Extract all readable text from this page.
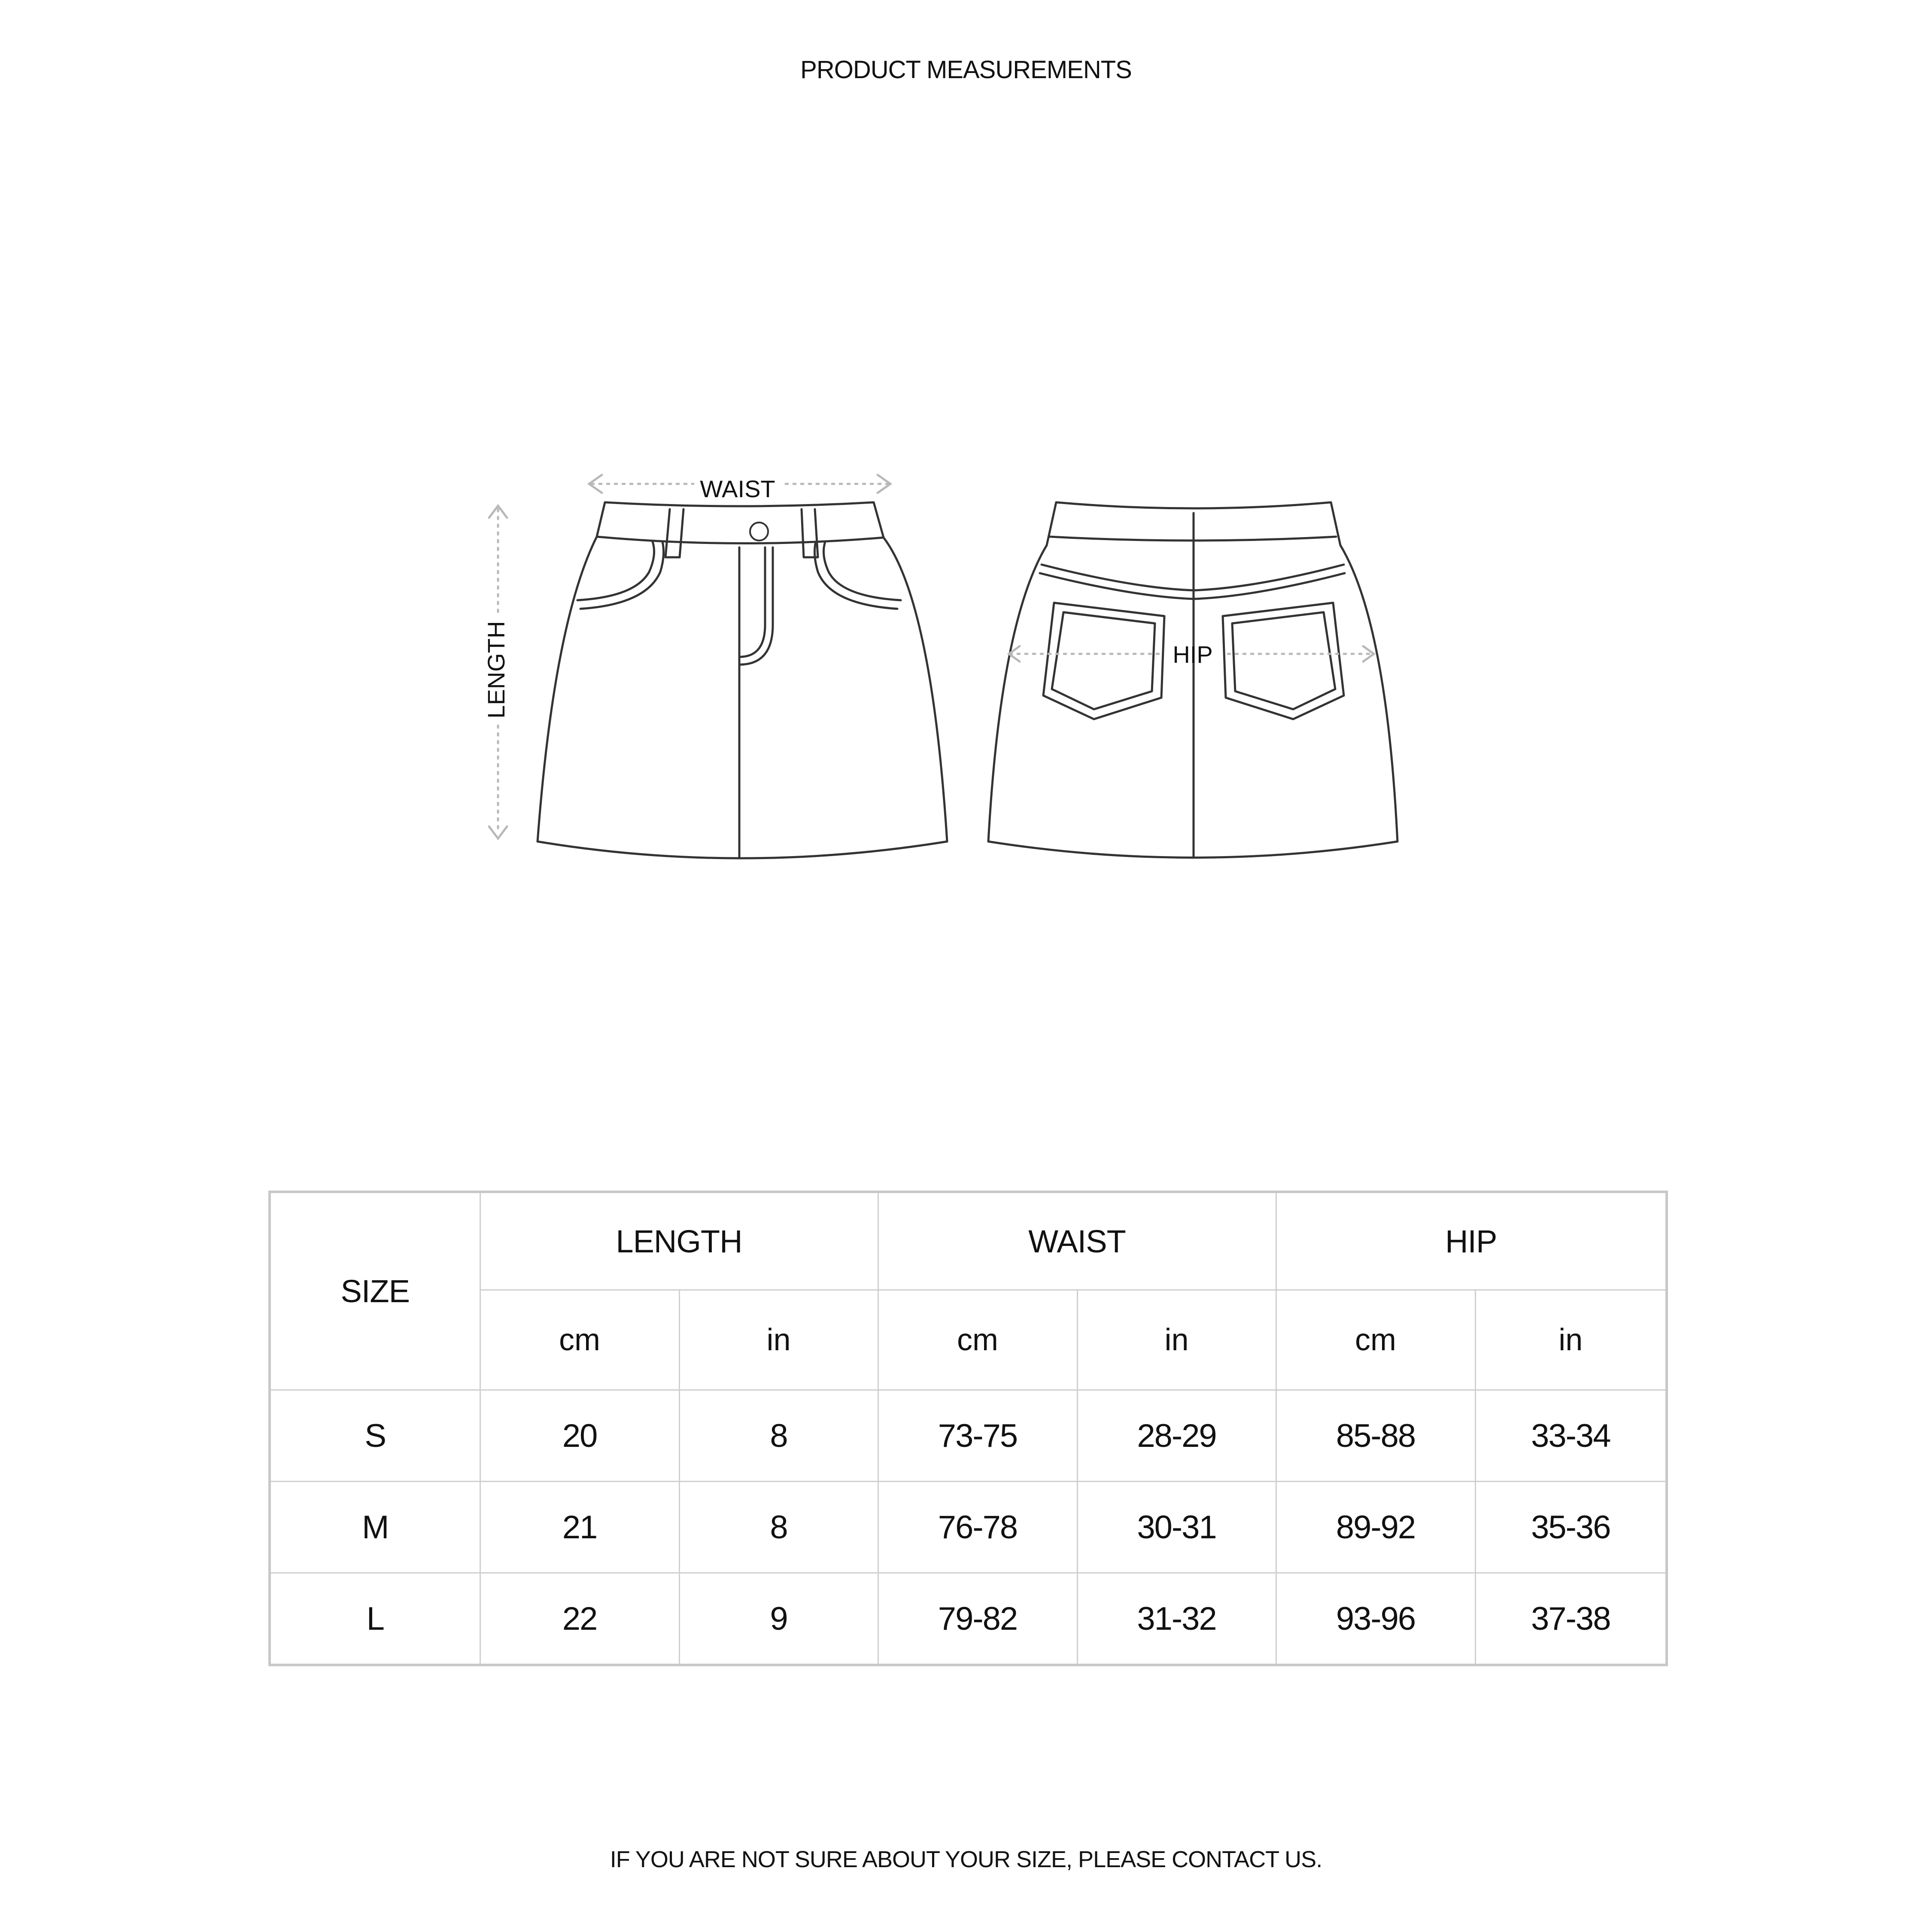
PRODUCT MEASUREMENTS
WAIST
HIP
LENGTH
SIZE	LENGTH		WAIST		HIP	
	cm	in	cm	in	cm	in
S	20	8	73-75	28-29	85-88	33-34
M	21	8	76-78	30-31	89-92	35-36
L	22	9	79-82	31-32	93-96	37-38
IF YOU ARE NOT SURE ABOUT YOUR SIZE, PLEASE CONTACT US.
